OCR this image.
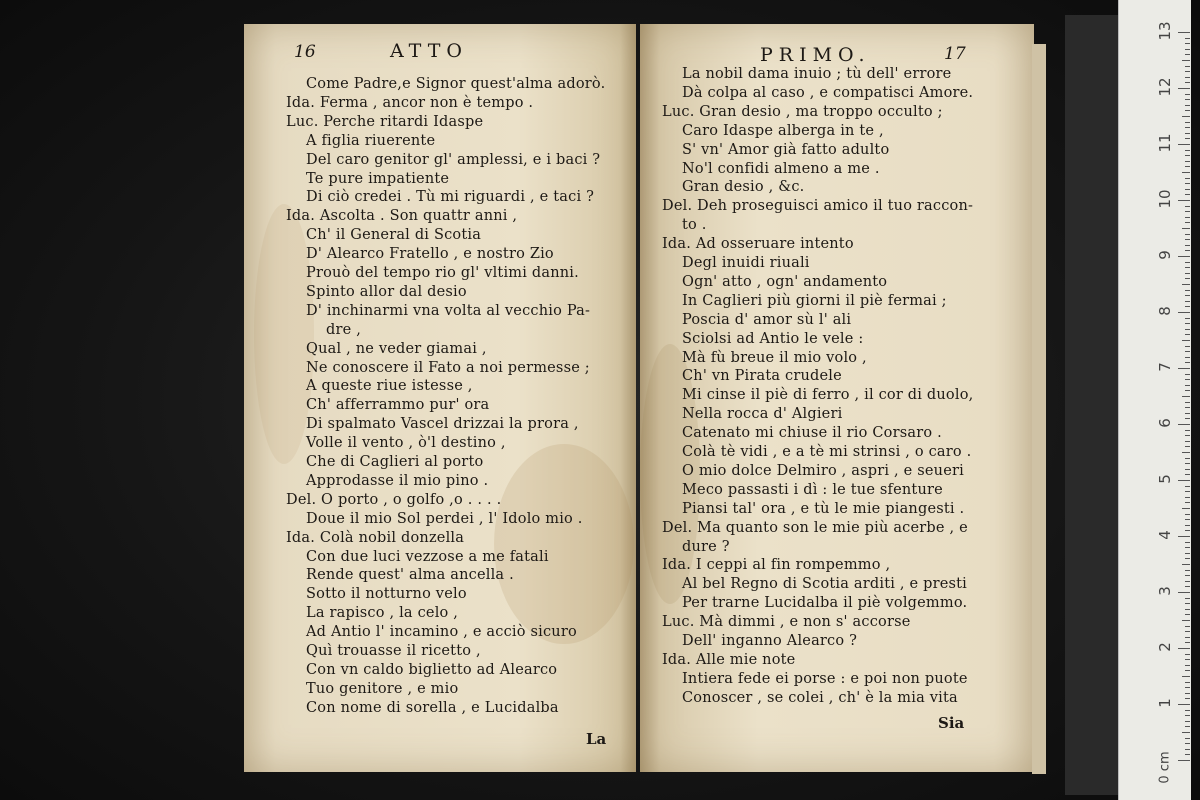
16	ATTO
La
Come Padre,e Signor quest'alma adorò.
Ida. Ferma , ancor non è tempo .
Luc. Perche ritardi Idaspe
A figlia riuerente
Del caro genitor gl' amplessi, e i baci ?
Te pure impatiente
Di ciò credei . Tù mi riguardi , e taci ?
Ida. Ascolta . Son quattr anni ,
Ch' il General di Scotia
D' Alearco Fratello , e nostro Zio
Prouò del tempo rio gl' vltimi danni.
Spinto allor dal desio
D' inchinarmi vna volta al vecchio Pa-
dre ,
Qual , ne veder giamai ,
Ne conoscere il Fato a noi permesse ;
A queste riue istesse ,
Ch' afferrammo pur' ora
Di spalmato Vascel drizzai la prora ,
Volle il vento , ò'l destino ,
Che di Caglieri al porto
Approdasse il mio pino .
Del. O porto , o golfo ,o . . . .
Doue il mio Sol perdei , l' Idolo mio .
Ida. Colà nobil donzella
Con due luci vezzose a me fatali
Rende quest' alma ancella .
Sotto il notturno velo
La rapisco , la celo ,
Ad Antio l' incamino , e acciò sicuro
Quì trouasse il ricetto ,
Con vn caldo biglietto ad Alearco
Tuo genitore , e mio
Con nome di sorella , e Lucidalba
PRIMO.	17
Sia
La nobil dama inuio ; tù dell' errore
Dà colpa al caso , e compatisci Amore.
Luc. Gran desio , ma troppo occulto ;
Caro Idaspe alberga in te ,
S' vn' Amor già fatto adulto
No'l confidi almeno a me .
Gran desio , &c.
Del. Deh proseguisci amico il tuo raccon-
to .
Ida. Ad osseruare intento
Degl inuidi riuali
Ogn' atto , ogn' andamento
In Caglieri più giorni il piè fermai ;
Poscia d' amor sù l' ali
Sciolsi ad Antio le vele :
Mà fù breue il mio volo ,
Ch' vn Pirata crudele
Mi cinse il piè di ferro , il cor di duolo,
Nella rocca d' Algieri
Catenato mi chiuse il rio Corsaro .
Colà tè vidi , e a tè mi strinsi , o caro .
O mio dolce Delmiro , aspri , e seueri
Meco passasti i dì : le tue sfenture
Piansi tal' ora , e tù le mie piangesti .
Del. Ma quanto son le mie più acerbe , e
dure ?
Ida. I ceppi al fin rompemmo ,
Al bel Regno di Scotia arditi , e presti
Per trarne Lucidalba il piè volgemmo.
Luc. Mà dimmi , e non s' accorse
Dell' inganno Alearco ?
Ida. Alle mie note
Intiera fede ei porse : e poi non puote
Conoscer , se colei , ch' è la mia vita
0 cm
1
2
3
4
5
6
7
8
9
10
11
12
13
